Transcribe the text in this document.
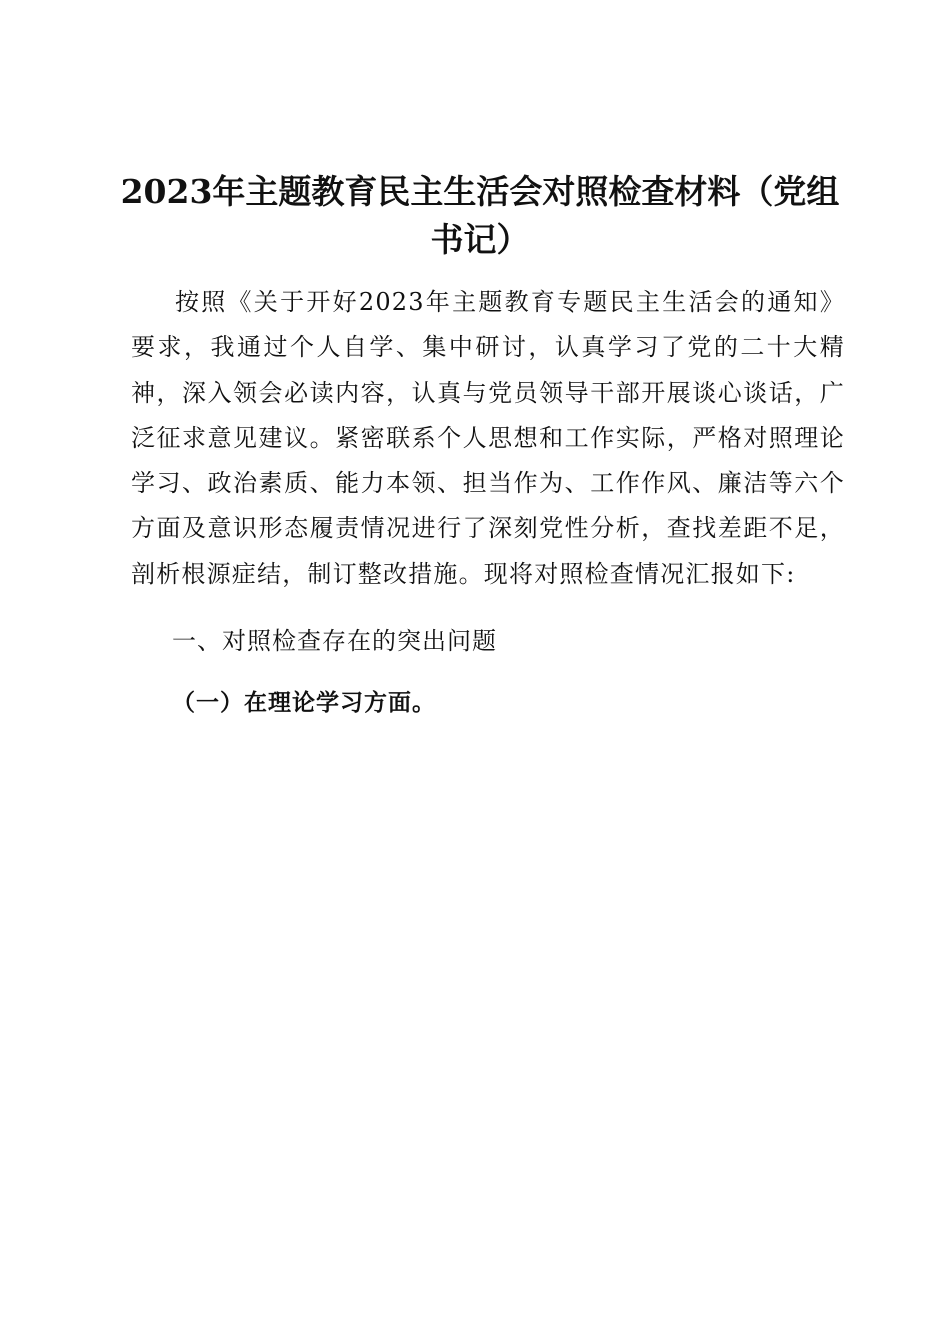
2023年主题教育民主生活会对照检查材料（党组书记）

按照《关于开好2023年主题教育专题民主生活会的通知》要求，我通过个人自学、集中研讨，认真学习了党的二十大精神，深入领会必读内容，认真与党员领导干部开展谈心谈话，广泛征求意见建议。紧密联系个人思想和工作实际，严格对照理论学习、政治素质、能力本领、担当作为、工作作风、廉洁等六个方面及意识形态履责情况进行了深刻党性分析，查找差距不足，剖析根源症结，制订整改措施。现将对照检查情况汇报如下:

一、对照检查存在的突出问题
（一）在理论学习方面。
